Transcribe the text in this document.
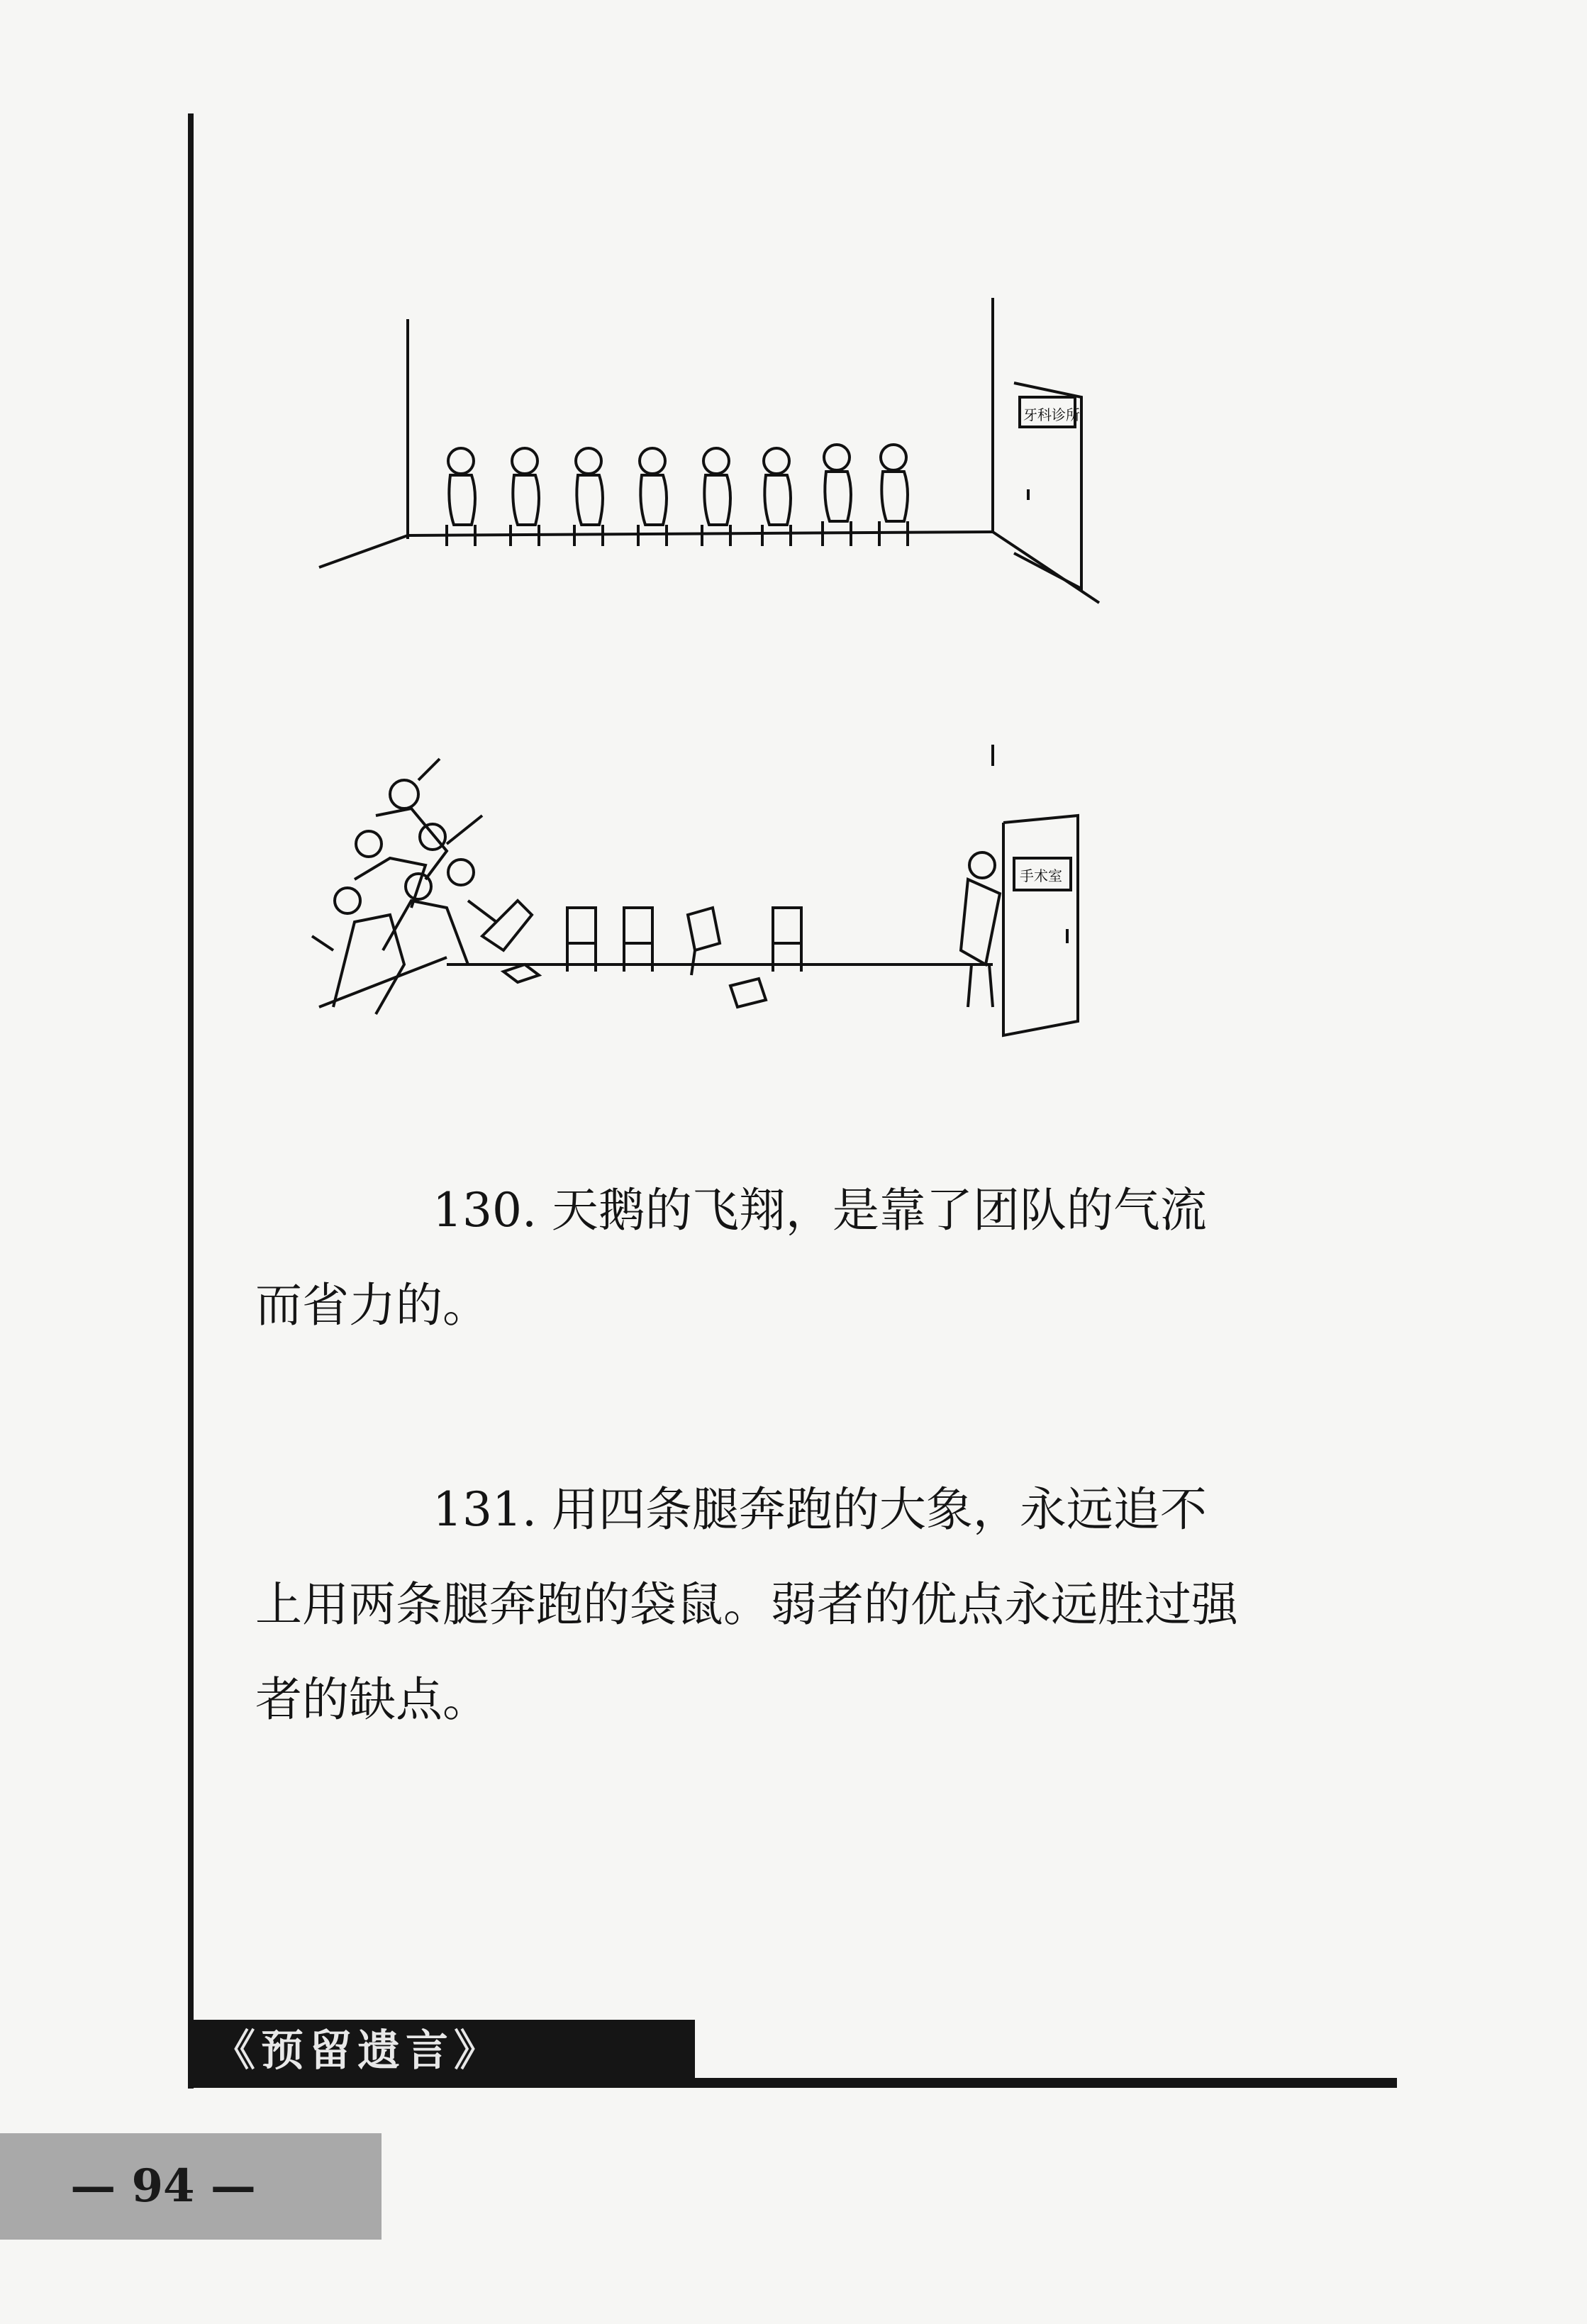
牙科诊所
手术室

130. 天鹅的飞翔，是靠了团队的气流而省力的。

131. 用四条腿奔跑的大象，永远追不上用两条腿奔跑的袋鼠。弱者的优点永远胜过强者的缺点。

《预留遗言》
— 94 —
